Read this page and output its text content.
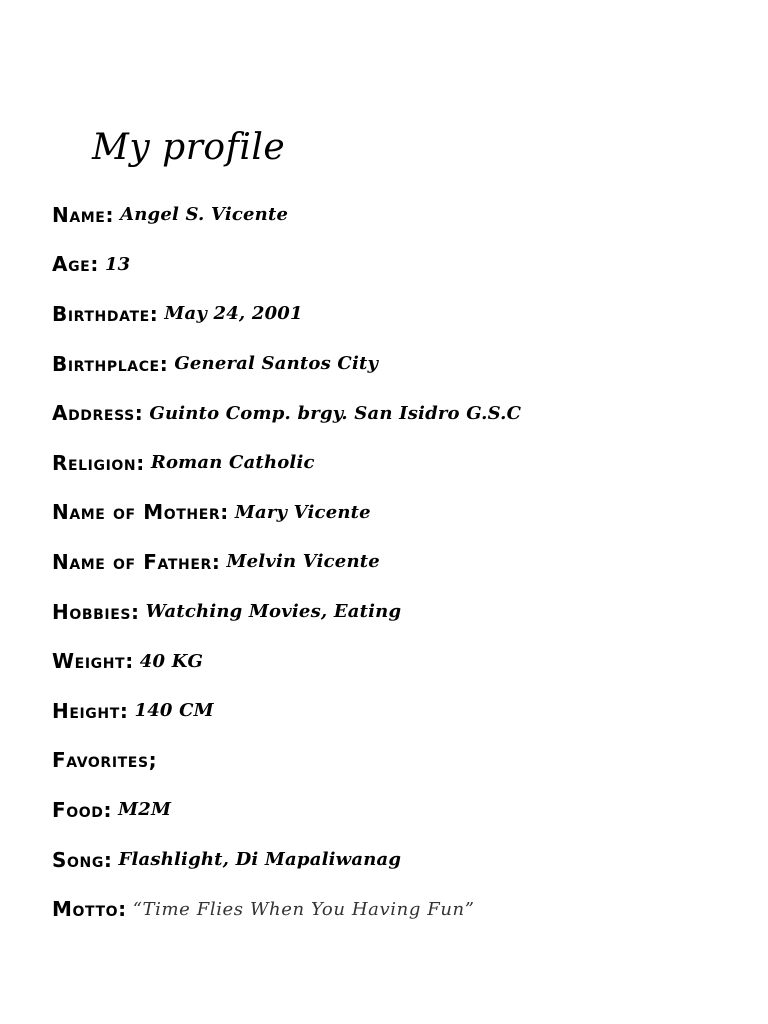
My profile
Name: Angel S. Vicente
Age: 13
Birthdate: May 24, 2001
Birthplace: General Santos City
Address: Guinto Comp. brgy. San Isidro G.S.C
Religion: Roman Catholic
Name of Mother: Mary Vicente
Name of Father: Melvin Vicente
Hobbies: Watching Movies, Eating
Weight: 40 KG
Height: 140 CM
Favorites;
Food: M2M
Song: Flashlight, Di Mapaliwanag
Motto: “Time Flies When You Having Fun”
